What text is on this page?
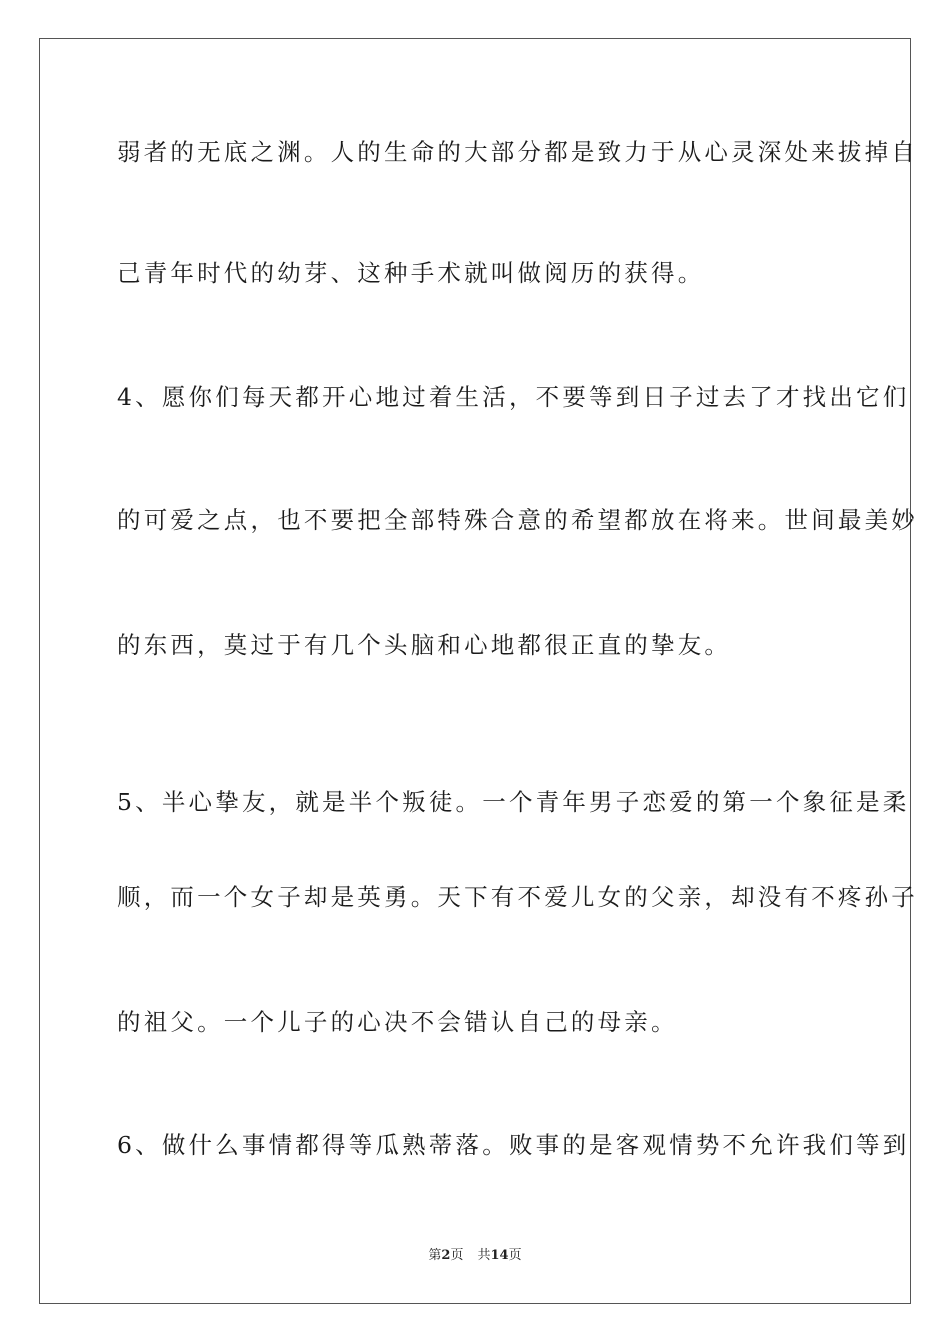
弱者的无底之渊。人的生命的大部分都是致力于从心灵深处来拔掉自
己青年时代的幼芽、这种手术就叫做阅历的获得。
4、愿你们每天都开心地过着生活，不要等到日子过去了才找出它们
的可爱之点，也不要把全部特殊合意的希望都放在将来。世间最美妙
的东西，莫过于有几个头脑和心地都很正直的挚友。
5、半心挚友，就是半个叛徒。一个青年男子恋爱的第一个象征是柔
顺，而一个女子却是英勇。天下有不爱儿女的父亲，却没有不疼孙子
的祖父。一个儿子的心决不会错认自己的母亲。
6、做什么事情都得等瓜熟蒂落。败事的是客观情势不允许我们等到
第2页 共14页
